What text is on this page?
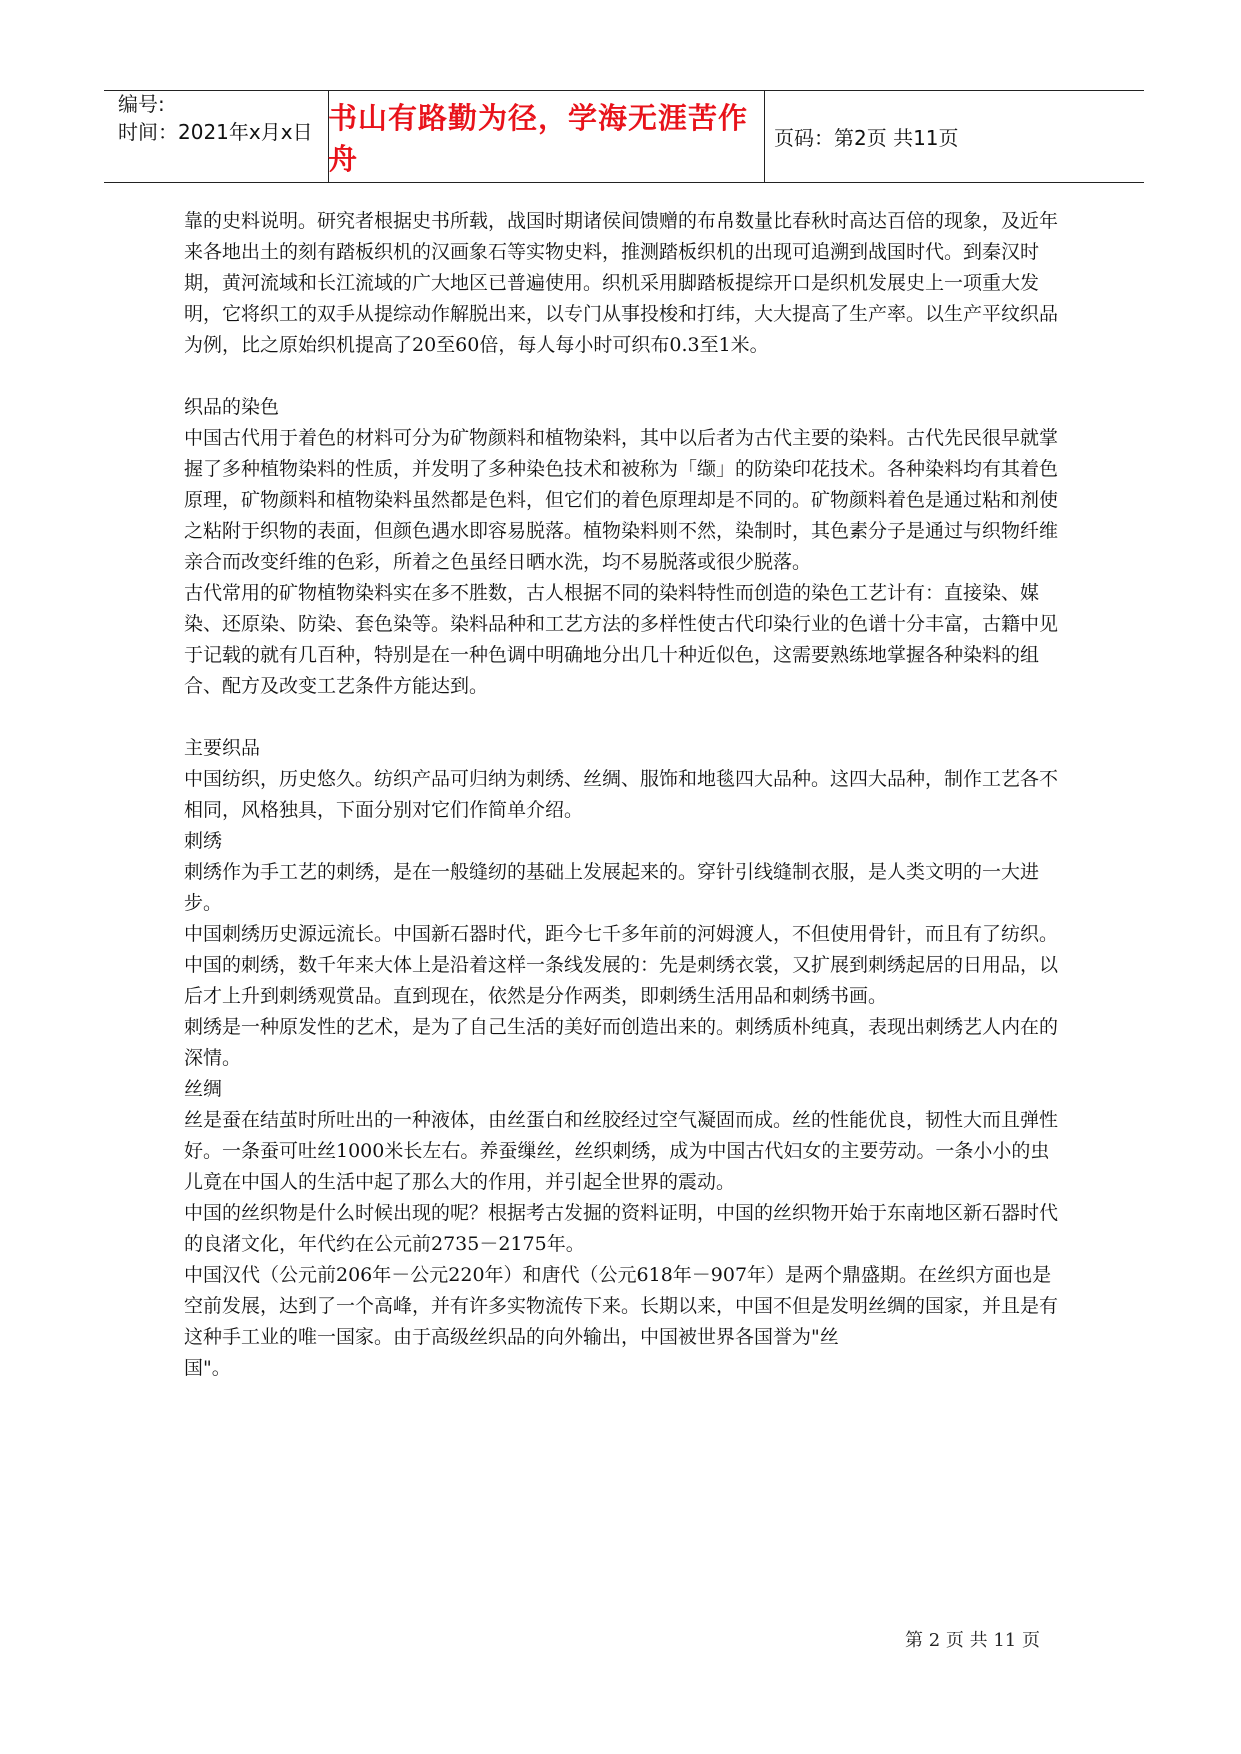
编号:
时间：2021年x月x日 书山有路勤为径，学海无涯苦作舟
页码：第2页 共11页

靠的史料说明。研究者根据史书所载，战国时期诸侯间馈赠的布帛数量比春秋时高达百倍的现象，及近年来各地出土的刻有踏板织机的汉画象石等实物史料，推测踏板织机的出现可追溯到战国时代。到秦汉时期，黄河流域和长江流域的广大地区已普遍使用。织机采用脚踏板提综开口是织机发展史上一项重大发明，它将织工的双手从提综动作解脱出来，以专门从事投梭和打纬，大大提高了生产率。以生产平纹织品为例，比之原始织机提高了20至60倍，每人每小时可织布0.3至1米。

织品的染色

中国古代用于着色的材料可分为矿物颜料和植物染料，其中以后者为古代主要的染料。古代先民很早就掌握了多种植物染料的性质，并发明了多种染色技术和被称为「缬」的防染印花技术。各种染料均有其着色原理，矿物颜料和植物染料虽然都是色料，但它们的着色原理却是不同的。矿物颜料着色是通过粘和剂使之粘附于织物的表面，但颜色遇水即容易脱落。植物染料则不然，染制时，其色素分子是通过与织物纤维亲合而改变纤维的色彩，所着之色虽经日晒水洗，均不易脱落或很少脱落。

古代常用的矿物植物染料实在多不胜数，古人根据不同的染料特性而创造的染色工艺计有：直接染、媒染、还原染、防染、套色染等。染料品种和工艺方法的多样性使古代印染行业的色谱十分丰富，古籍中见于记载的就有几百种，特别是在一种色调中明确地分出几十种近似色，这需要熟练地掌握各种染料的组合、配方及改变工艺条件方能达到。

主要织品

中国纺织，历史悠久。纺织产品可归纳为刺绣、丝绸、服饰和地毯四大品种。这四大品种，制作工艺各不相同，风格独具，下面分别对它们作简单介绍。

刺绣

刺绣作为手工艺的刺绣，是在一般缝纫的基础上发展起来的。穿针引线缝制衣服，是人类文明的一大进步。

中国刺绣历史源远流长。中国新石器时代，距今七千多年前的河姆渡人，不但使用骨针，而且有了纺织。中国的刺绣，数千年来大体上是沿着这样一条线发展的：先是刺绣衣裳，又扩展到刺绣起居的日用品，以后才上升到刺绣观赏品。直到现在，依然是分作两类，即刺绣生活用品和刺绣书画。

刺绣是一种原发性的艺术，是为了自己生活的美好而创造出来的。刺绣质朴纯真，表现出刺绣艺人内在的深情。

丝绸

丝是蚕在结茧时所吐出的一种液体，由丝蛋白和丝胶经过空气凝固而成。丝的性能优良，韧性大而且弹性好。一条蚕可吐丝1000米长左右。养蚕缫丝，丝织刺绣，成为中国古代妇女的主要劳动。一条小小的虫儿竟在中国人的生活中起了那么大的作用，并引起全世界的震动。

中国的丝织物是什么时候出现的呢？根据考古发掘的资料证明，中国的丝织物开始于东南地区新石器时代的良渚文化，年代约在公元前2735－2175年。

中国汉代（公元前206年－公元220年）和唐代（公元618年－907年）是两个鼎盛期。在丝织方面也是空前发展，达到了一个高峰，并有许多实物流传下来。长期以来，中国不但是发明丝绸的国家，并且是有这种手工业的唯一国家。由于高级丝织品的向外输出，中国被世界各国誉为"丝

国"。

第 2 页 共 11 页
